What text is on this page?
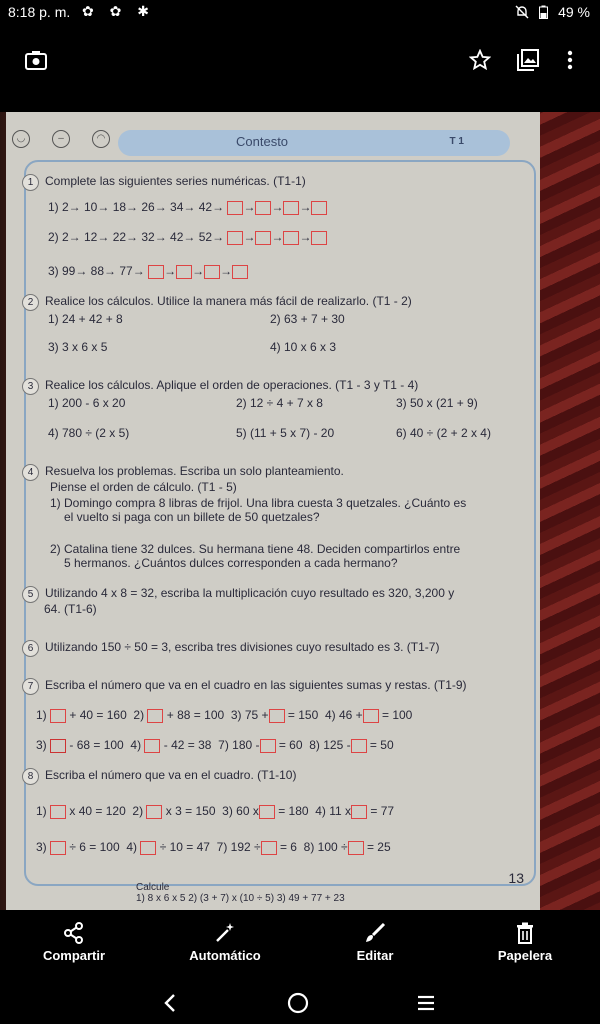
8:18 p. m. ✿ ✿ ✱	49 %
◡	–	◠	Contesto	T 1
1 Complete las siguientes series numéricas. (T1-1)
1) 2→ 10→ 18→ 26→ 34→ 42→ → → →
2) 2→ 12→ 22→ 32→ 42→ 52→ → → →
3) 99→ 88→ 77→ → → →
2 Realice los cálculos. Utilice la manera más fácil de realizarlo. (T1 - 2)
1) 24 + 42 + 8	2) 63 + 7 + 30
3) 3 x 6 x 5	4) 10 x 6 x 3
3 Realice los cálculos. Aplique el orden de operaciones. (T1 - 3 y T1 - 4)
1) 200 - 6 x 20	2) 12 ÷ 4 + 7 x 8	3) 50 x (21 + 9)
4) 780 ÷ (2 x 5)	5) (11 + 5 x 7) - 20	6) 40 ÷ (2 + 2 x 4)
4 Resuelva los problemas. Escriba un solo planteamiento.
Piense el orden de cálculo. (T1 - 5)
1) Domingo compra 8 libras de frijol. Una libra cuesta 3 quetzales. ¿Cuánto es
el vuelto si paga con un billete de 50 quetzales?
2) Catalina tiene 32 dulces. Su hermana tiene 48. Deciden compartirlos entre
5 hermanos. ¿Cuántos dulces corresponden a cada hermano?
5 Utilizando 4 x 8 = 32, escriba la multiplicación cuyo resultado es 320, 3,200 y
64. (T1-6)
6 Utilizando 150 ÷ 50 = 3, escriba tres divisiones cuyo resultado es 3. (T1-7)
7 Escriba el número que va en el cuadro en las siguientes sumas y restas. (T1-9)
1) + 40 = 160 2) + 88 = 100 3) 75 + = 150 4) 46 + = 100
3) - 68 = 100 4) - 42 = 38 7) 180 - = 60 8) 125 - = 50
8 Escriba el número que va en el cuadro. (T1-10)
1) x 40 = 120 2) x 3 = 150 3) 60 x = 180 4) 11 x = 77
3) ÷ 6 = 100 4) ÷ 10 = 47 7) 192 ÷ = 6 8) 100 ÷ = 25
Calcule
1) 8 x 6 x 5 2) (3 + 7) x (10 ÷ 5) 3) 49 + 77 + 23
13
Compartir	Automático	Editar	Papelera
